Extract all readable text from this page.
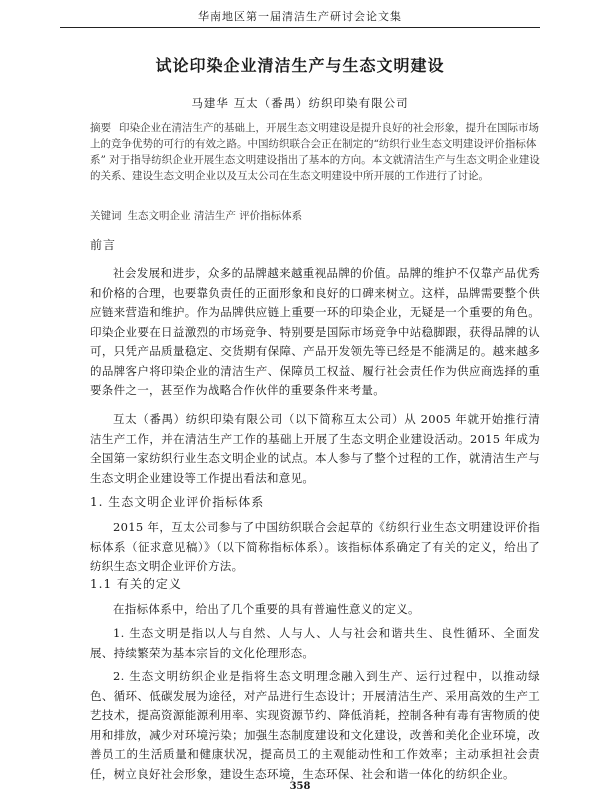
华南地区第一届清洁生产研讨会论文集
试论印染企业清洁生产与生态文明建设
马建华 互太（番禺）纺织印染有限公司
摘要 印染企业在清洁生产的基础上，开展生态文明建设是提升良好的社会形象，提升在国际市场上的竞争优势的可行的有效之路。中国纺织联合会正在制定的“纺织行业生态文明建设评价指标体系” 对于指导纺织企业开展生态文明建设指出了基本的方向。本文就清洁生产与生态文明企业建设的关系、建设生态文明企业以及互太公司在生态文明建设中所开展的工作进行了讨论。
关键词 生态文明企业 清洁生产 评价指标体系
前言
社会发展和进步，众多的品牌越来越重视品牌的价值。品牌的维护不仅靠产品优秀和价格的合理，也要靠负责任的正面形象和良好的口碑来树立。这样，品牌需要整个供应链来营造和维护。作为品牌供应链上重要一环的印染企业，无疑是一个重要的角色。印染企业要在日益激烈的市场竞争、特别要是国际市场竞争中站稳脚跟，获得品牌的认可，只凭产品质量稳定、交货期有保障、产品开发领先等已经是不能满足的。越来越多的品牌客户将印染企业的清洁生产、保障员工权益、履行社会责任作为供应商选择的重要条件之一，甚至作为战略合作伙伴的重要条件来考量。
互太（番禺）纺织印染有限公司（以下简称互太公司）从 2005 年就开始推行清洁生产工作，并在清洁生产工作的基础上开展了生态文明企业建设活动。2015 年成为全国第一家纺织行业生态文明企业的试点。本人参与了整个过程的工作，就清洁生产与生态文明企业建设等工作提出看法和意见。
1. 生态文明企业评价指标体系
2015 年，互太公司参与了中国纺织联合会起草的《纺织行业生态文明建设评价指标体系（征求意见稿）》（以下简称指标体系）。该指标体系确定了有关的定义，给出了纺织生态文明企业评价方法。
1.1 有关的定义
在指标体系中，给出了几个重要的具有普遍性意义的定义。
1. 生态文明是指以人与自然、人与人、人与社会和谐共生、良性循环、全面发展、持续繁荣为基本宗旨的文化伦理形态。
2. 生态文明纺织企业是指将生态文明理念融入到生产、运行过程中，以推动绿色、循环、低碳发展为途径，对产品进行生态设计；开展清洁生产、采用高效的生产工艺技术，提高资源能源利用率、实现资源节约、降低消耗，控制各种有毒有害物质的使用和排放，减少对环境污染；加强生态制度建设和文化建设，改善和美化企业环境，改善员工的生活质量和健康状况，提高员工的主观能动性和工作效率；主动承担社会责任，树立良好社会形象，建设生态环境，生态环保、社会和谐一体化的纺织企业。
358
